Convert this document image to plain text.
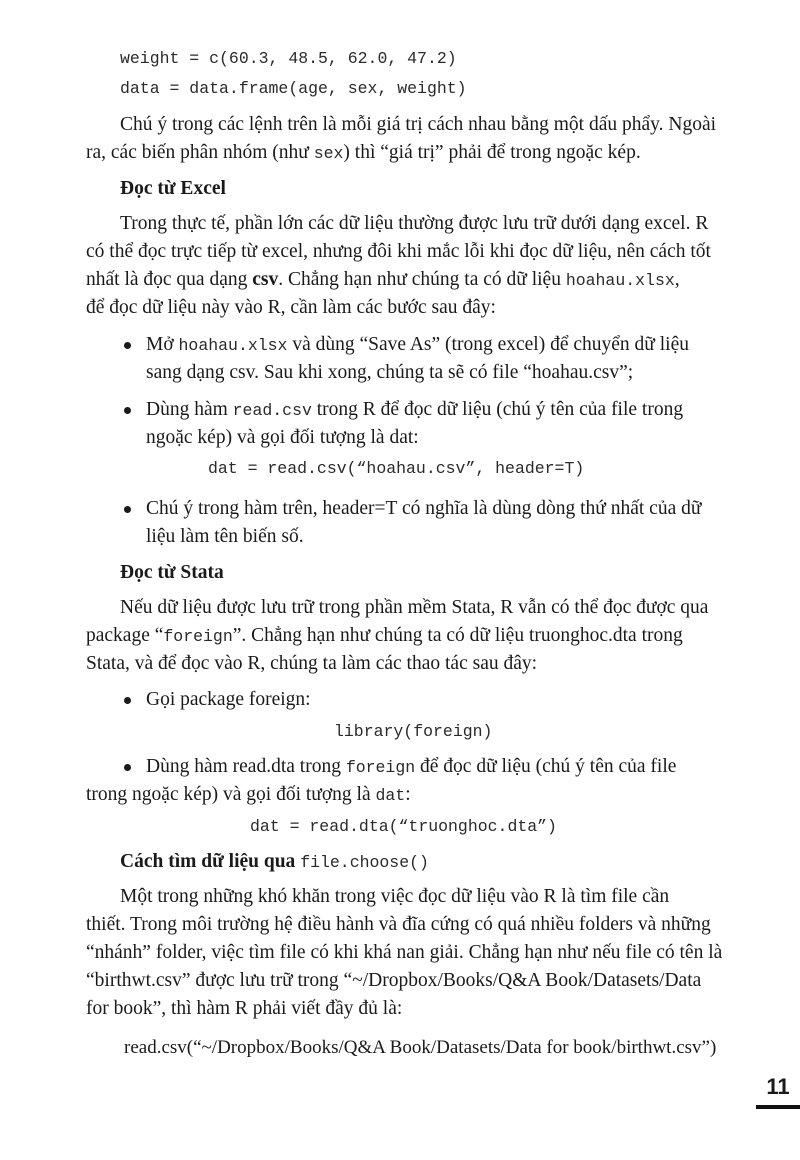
weight = c(60.3, 48.5, 62.0, 47.2)
data = data.frame(age, sex, weight)
Chú ý trong các lệnh trên là mỗi giá trị cách nhau bằng một dấu phẩy. Ngoài
ra, các biến phân nhóm (như sex) thì “giá trị” phải để trong ngoặc kép.
Đọc từ Excel
Trong thực tế, phần lớn các dữ liệu thường được lưu trữ dưới dạng excel. R
có thể đọc trực tiếp từ excel, nhưng đôi khi mắc lỗi khi đọc dữ liệu, nên cách tốt
nhất là đọc qua dạng csv. Chẳng hạn như chúng ta có dữ liệu hoahau.xlsx,
để đọc dữ liệu này vào R, cần làm các bước sau đây:
Mở hoahau.xlsx và dùng “Save As” (trong excel) để chuyển dữ liệu
sang dạng csv. Sau khi xong, chúng ta sẽ có file “hoahau.csv”;
Dùng hàm read.csv trong R để đọc dữ liệu (chú ý tên của file trong
ngoặc kép) và gọi đối tượng là dat:
dat = read.csv(“hoahau.csv”, header=T)
Chú ý trong hàm trên, header=T có nghĩa là dùng dòng thứ nhất của dữ
liệu làm tên biến số.
Đọc từ Stata
Nếu dữ liệu được lưu trữ trong phần mềm Stata, R vẫn có thể đọc được qua
package “foreign”. Chẳng hạn như chúng ta có dữ liệu truonghoc.dta trong
Stata, và để đọc vào R, chúng ta làm các thao tác sau đây:
Gọi package foreign:
library(foreign)
Dùng hàm read.dta trong foreign để đọc dữ liệu (chú ý tên của file
trong ngoặc kép) và gọi đối tượng là dat:
dat = read.dta(“truonghoc.dta”)
Cách tìm dữ liệu qua file.choose()
Một trong những khó khăn trong việc đọc dữ liệu vào R là tìm file cần
thiết. Trong môi trường hệ điều hành và đĩa cứng có quá nhiều folders và những
“nhánh” folder, việc tìm file có khi khá nan giải. Chẳng hạn như nếu file có tên là
“birthwt.csv” được lưu trữ trong “~/Dropbox/Books/Q&A Book/Datasets/Data
for book”, thì hàm R phải viết đầy đủ là:
read.csv(“~/Dropbox/Books/Q&A Book/Datasets/Data for book/birthwt.csv”)
11
